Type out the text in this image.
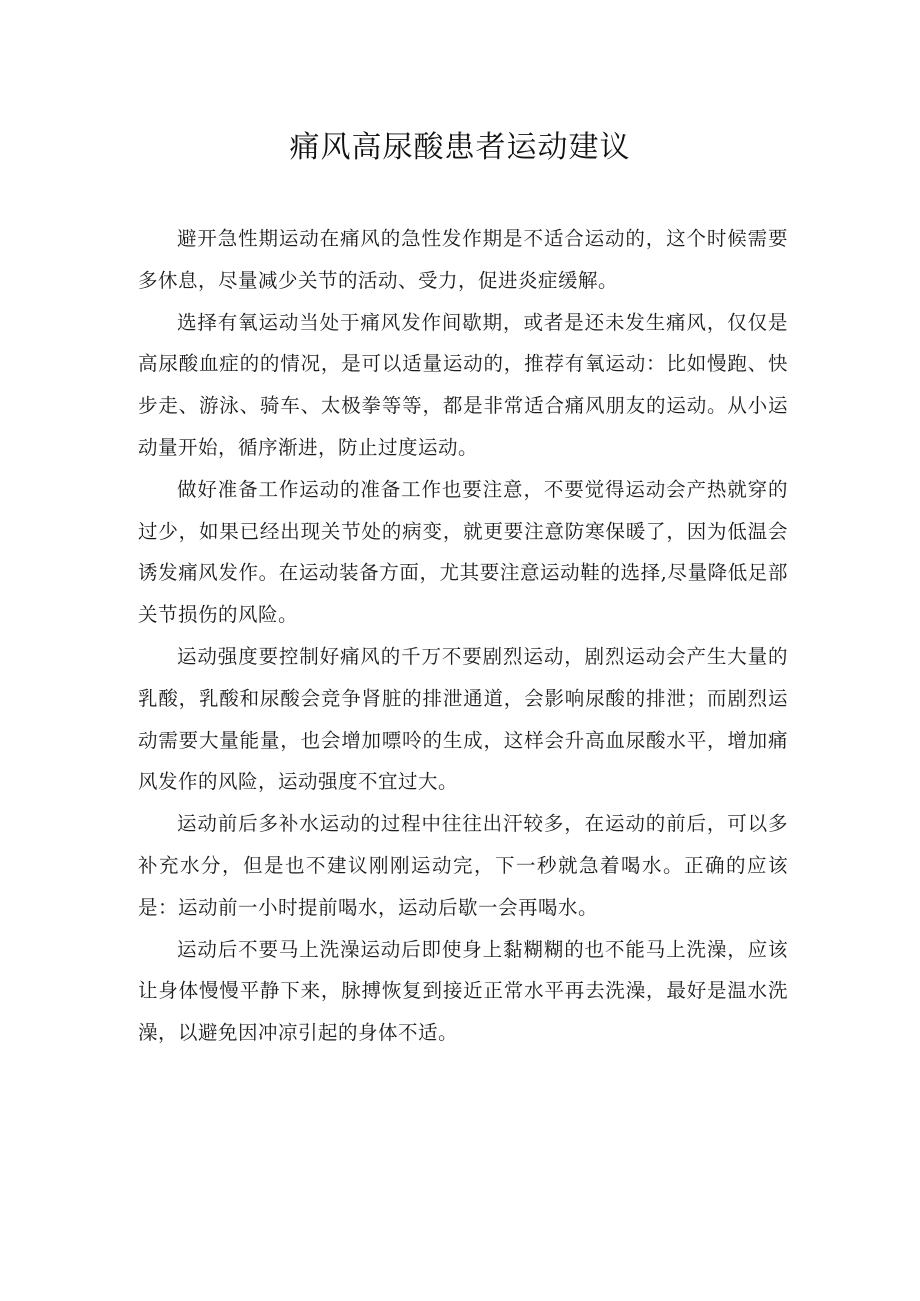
痛风高尿酸患者运动建议

避开急性期运动在痛风的急性发作期是不适合运动的，这个时候需要多休息，尽量减少关节的活动、受力，促进炎症缓解。

选择有氧运动当处于痛风发作间歇期，或者是还未发生痛风，仅仅是高尿酸血症的的情况，是可以适量运动的，推荐有氧运动：比如慢跑、快步走、游泳、骑车、太极拳等等，都是非常适合痛风朋友的运动。从小运动量开始，循序渐进，防止过度运动。

做好准备工作运动的准备工作也要注意，不要觉得运动会产热就穿的过少，如果已经出现关节处的病变，就更要注意防寒保暖了，因为低温会诱发痛风发作。在运动装备方面，尤其要注意运动鞋的选择,尽量降低足部关节损伤的风险。

运动强度要控制好痛风的千万不要剧烈运动，剧烈运动会产生大量的乳酸，乳酸和尿酸会竞争肾脏的排泄通道，会影响尿酸的排泄；而剧烈运动需要大量能量，也会增加嘌呤的生成，这样会升高血尿酸水平，增加痛风发作的风险，运动强度不宜过大。

运动前后多补水运动的过程中往往出汗较多，在运动的前后，可以多补充水分，但是也不建议刚刚运动完，下一秒就急着喝水。正确的应该是：运动前一小时提前喝水，运动后歇一会再喝水。

运动后不要马上洗澡运动后即使身上黏糊糊的也不能马上洗澡，应该让身体慢慢平静下来，脉搏恢复到接近正常水平再去洗澡，最好是温水洗澡，以避免因冲凉引起的身体不适。
